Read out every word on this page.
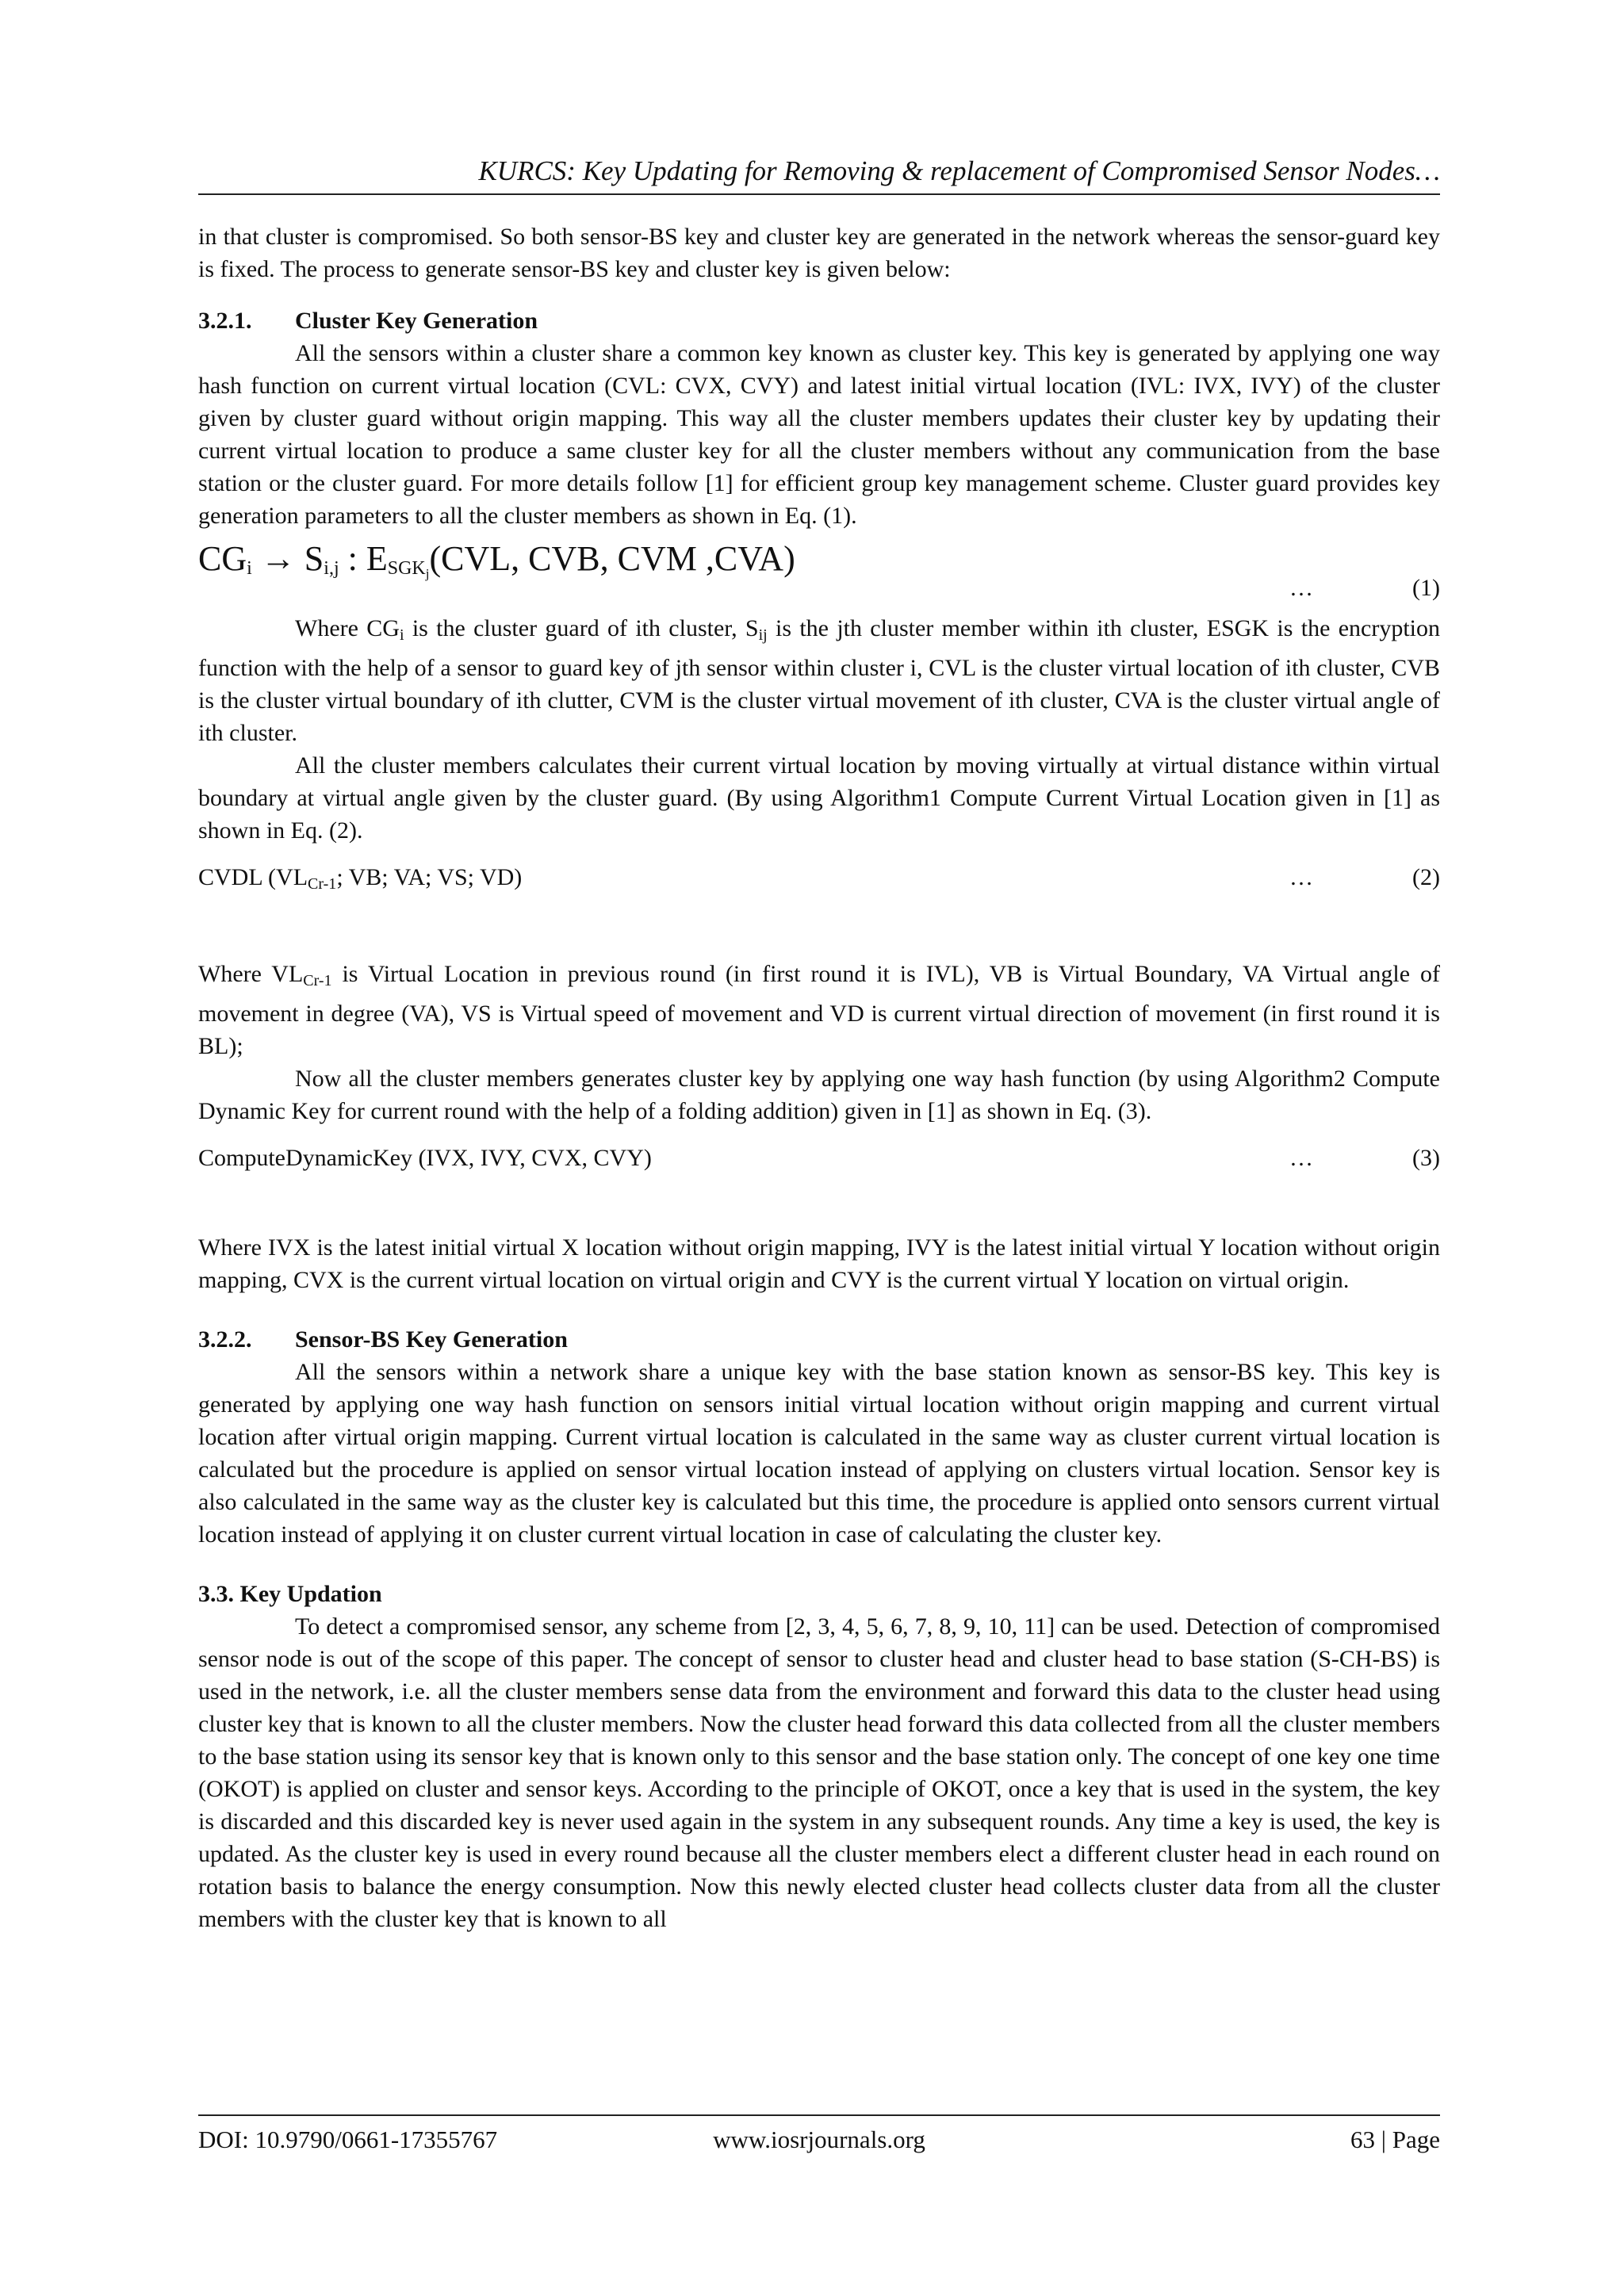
KURCS: Key Updating for Removing & replacement of Compromised Sensor Nodes…

in that cluster is compromised. So both sensor-BS key and cluster key are generated in the network whereas the sensor-guard key is fixed. The process to generate sensor-BS key and cluster key is given below:

3.2.1. Cluster Key Generation

All the sensors within a cluster share a common key known as cluster key. This key is generated by applying one way hash function on current virtual location (CVL: CVX, CVY) and latest initial virtual location (IVL: IVX, IVY) of the cluster given by cluster guard without origin mapping. This way all the cluster members updates their cluster key by updating their current virtual location to produce a same cluster key for all the cluster members without any communication from the base station or the cluster guard. For more details follow [1] for efficient group key management scheme. Cluster guard provides key generation parameters to all the cluster members as shown in Eq. (1).

$CG_i \to S_{i,j}$ : $E_{SGK_j}(CVL$, CVB, CVM ,CVA)
…	(1)

Where $CG_i$ is the cluster guard of ith cluster, $S_{ij}$ is the jth cluster member within ith cluster, ESGK is the encryption function with the help of a sensor to guard key of jth sensor within cluster i, CVL is the cluster virtual location of ith cluster, CVB is the cluster virtual boundary of ith clutter, CVM is the cluster virtual movement of ith cluster, CVA is the cluster virtual angle of ith cluster.

All the cluster members calculates their current virtual location by moving virtually at virtual distance within virtual boundary at virtual angle given by the cluster guard. (By using Algorithm1 Compute Current Virtual Location given in [1] as shown in Eq. (2).

CVDL ($VL_{Cr-1}$; VB; VA; VS; VD)	…	(2)

Where $VL_{Cr-1}$ is Virtual Location in previous round (in first round it is IVL), VB is Virtual Boundary, VA Virtual angle of movement in degree (VA), VS is Virtual speed of movement and VD is current virtual direction of movement (in first round it is BL);

Now all the cluster members generates cluster key by applying one way hash function (by using Algorithm2 Compute Dynamic Key for current round with the help of a folding addition) given in [1] as shown in Eq. (3).

ComputeDynamicKey (IVX, IVY, CVX, CVY)	…	(3)

Where IVX is the latest initial virtual X location without origin mapping, IVY is the latest initial virtual Y location without origin mapping, CVX is the current virtual location on virtual origin and CVY is the current virtual Y location on virtual origin.

3.2.2. Sensor-BS Key Generation

All the sensors within a network share a unique key with the base station known as sensor-BS key. This key is generated by applying one way hash function on sensors initial virtual location without origin mapping and current virtual location after virtual origin mapping. Current virtual location is calculated in the same way as cluster current virtual location is calculated but the procedure is applied on sensor virtual location instead of applying on clusters virtual location. Sensor key is also calculated in the same way as the cluster key is calculated but this time, the procedure is applied onto sensors current virtual location instead of applying it on cluster current virtual location in case of calculating the cluster key.

3.3. Key Updation

To detect a compromised sensor, any scheme from [2, 3, 4, 5, 6, 7, 8, 9, 10, 11] can be used. Detection of compromised sensor node is out of the scope of this paper. The concept of sensor to cluster head and cluster head to base station (S-CH-BS) is used in the network, i.e. all the cluster members sense data from the environment and forward this data to the cluster head using cluster key that is known to all the cluster members. Now the cluster head forward this data collected from all the cluster members to the base station using its sensor key that is known only to this sensor and the base station only. The concept of one key one time (OKOT) is applied on cluster and sensor keys. According to the principle of OKOT, once a key that is used in the system, the key is discarded and this discarded key is never used again in the system in any subsequent rounds. Any time a key is used, the key is updated. As the cluster key is used in every round because all the cluster members elect a different cluster head in each round on rotation basis to balance the energy consumption. Now this newly elected cluster head collects cluster data from all the cluster members with the cluster key that is known to all

DOI: 10.9790/0661-17355767	www.iosrjournals.org	63 | Page
